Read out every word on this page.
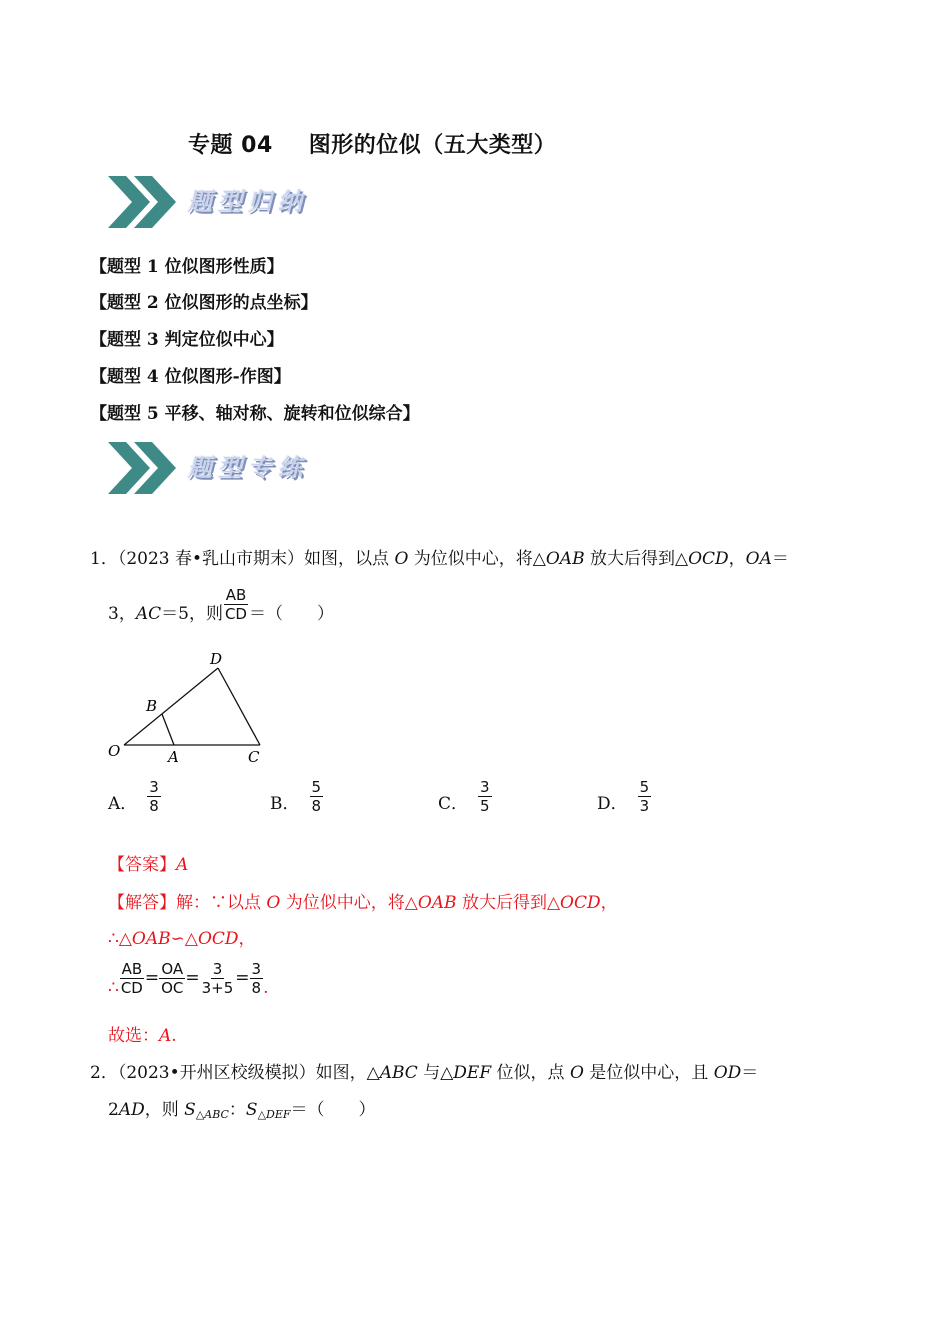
专题 04 图形的位似（五大类型）
题型归纳
【题型 1 位似图形性质】
【题型 2 位似图形的点坐标】
【题型 3 判定位似中心】
【题型 4 位似图形-作图】
【题型 5 平移、轴对称、旋转和位似综合】
题型专练
1．（2023 春•乳山市期末）如图，以点 O 为位似中心，将△OAB 放大后得到△OCD，OA＝
3，AC＝5，则 $\frac{AB}{CD}$ ＝（　　）
O	A
B
C
D
A． $\frac{3}{8}$	B． $\frac{5}{8}$	C． $\frac{3}{5}$	D． $\frac{5}{3}$
【答案】A
【解答】解：∵以点 O 为位似中心，将△OAB 放大后得到△OCD，
∴△OAB∽△OCD，
∴ $\frac{AB}{CD} = \frac{OA}{OC} = \frac{3}{3+5} = \frac{3}{8}$ .
故选：A.
2．（2023•开州区校级模拟）如图，△ABC 与△DEF 位似，点 O 是位似中心，且 OD＝
2AD，则 $S_{\triangle ABC}$：$S_{\triangle DEF}=$（　　）
